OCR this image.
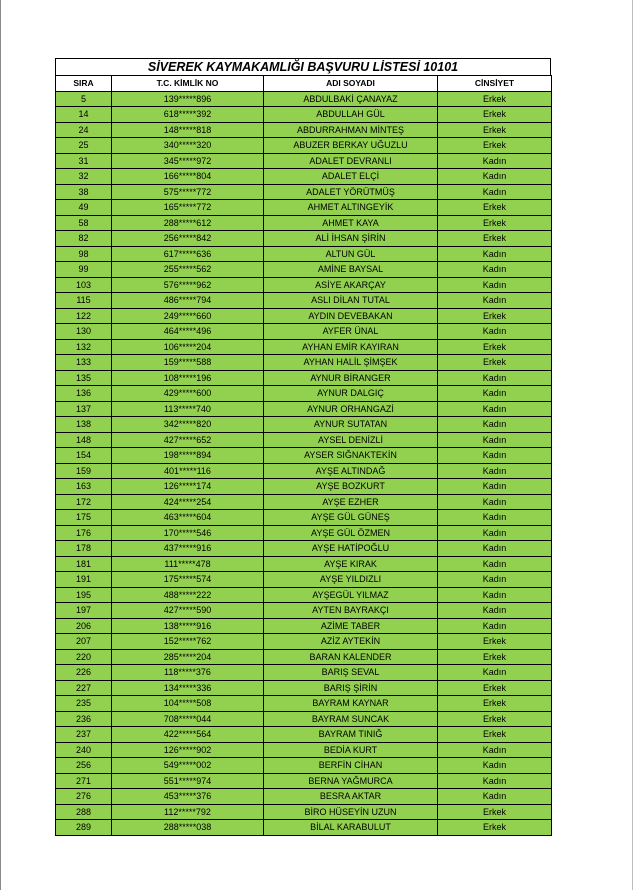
SİVEREK KAYMAKAMLIĞI BAŞVURU LİSTESİ 10101
SIRA	T.C. KİMLİK NO	ADI SOYADI	CİNSİYET
5	139*****896	ABDULBAKİ ÇANAYAZ	Erkek
14	618*****392	ABDULLAH GÜL	Erkek
24	148*****818	ABDURRAHMAN MİNTEŞ	Erkek
25	340*****320	ABUZER BERKAY UĞUZLU	Erkek
31	345*****972	ADALET DEVRANLI	Kadın
32	166*****804	ADALET ELÇİ	Kadın
38	575*****772	ADALET YÖRÜTMÜŞ	Kadın
49	165*****772	AHMET ALTINGEYİK	Erkek
58	288*****612	AHMET KAYA	Erkek
82	256*****842	ALİ İHSAN ŞİRİN	Erkek
98	617*****636	ALTUN GÜL	Kadın
99	255*****562	AMİNE BAYSAL	Kadın
103	576*****962	ASİYE AKARÇAY	Kadın
115	486*****794	ASLI DİLAN TUTAL	Kadın
122	249*****660	AYDIN DEVEBAKAN	Erkek
130	464*****496	AYFER ÜNAL	Kadın
132	106*****204	AYHAN EMİR KAYIRAN	Erkek
133	159*****588	AYHAN HALİL ŞİMŞEK	Erkek
135	108*****196	AYNUR BİRANGER	Kadın
136	429*****600	AYNUR DALGIÇ	Kadın
137	113*****740	AYNUR ORHANGAZİ	Kadın
138	342*****820	AYNUR SUTATAN	Kadın
148	427*****652	AYSEL DENİZLİ	Kadın
154	198*****894	AYSER SIĞNAKTEKİN	Kadın
159	401*****116	AYŞE ALTINDAĞ	Kadın
163	126*****174	AYŞE BOZKURT	Kadın
172	424*****254	AYŞE EZHER	Kadın
175	463*****604	AYŞE GÜL GÜNEŞ	Kadın
176	170*****546	AYŞE GÜL ÖZMEN	Kadın
178	437*****916	AYŞE HATİPOĞLU	Kadın
181	111*****478	AYŞE KIRAK	Kadın
191	175*****574	AYŞE YILDIZLI	Kadın
195	488*****222	AYŞEGÜL YILMAZ	Kadın
197	427*****590	AYTEN BAYRAKÇI	Kadın
206	138*****916	AZİME TABER	Kadın
207	152*****762	AZİZ AYTEKİN	Erkek
220	285*****204	BARAN KALENDER	Erkek
226	118*****376	BARIŞ SEVAL	Kadın
227	134*****336	BARIŞ ŞİRİN	Erkek
235	104*****508	BAYRAM KAYNAR	Erkek
236	708*****044	BAYRAM SUNCAK	Erkek
237	422*****564	BAYRAM TINIĞ	Erkek
240	126*****902	BEDİA KURT	Kadın
256	549*****002	BERFİN CİHAN	Kadın
271	551*****974	BERNA YAĞMURCA	Kadın
276	453*****376	BESRA AKTAR	Kadın
288	112*****792	BİRO HÜSEYİN UZUN	Erkek
289	288*****038	BİLAL KARABULUT	Erkek
